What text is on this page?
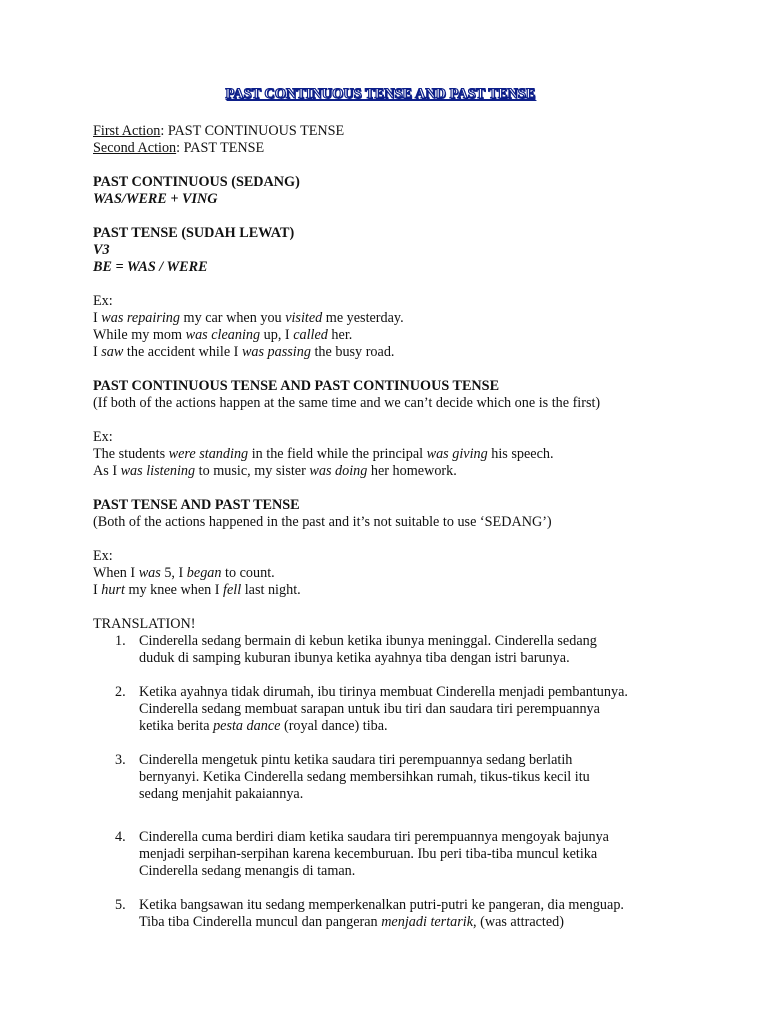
PAST CONTINUOUS TENSE AND PAST TENSE
First Action: PAST CONTINUOUS TENSE
Second Action: PAST TENSE
PAST CONTINUOUS (SEDANG)
WAS/WERE + VING
PAST TENSE (SUDAH LEWAT)
V3
BE = WAS / WERE
Ex:
I was repairing my car when you visited me yesterday.
While my mom was cleaning up, I called her.
I saw the accident while I was passing the busy road.
PAST CONTINUOUS TENSE AND PAST CONTINUOUS TENSE
(If both of the actions happen at the same time and we can’t decide which one is the first)
Ex:
The students were standing in the field while the principal was giving his speech.
As I was listening to music, my sister was doing her homework.
PAST TENSE AND PAST TENSE
(Both of the actions happened in the past and it’s not suitable to use ‘SEDANG’)
Ex:
When I was 5, I began to count.
I hurt my knee when I fell last night.
TRANSLATION!
1. Cinderella sedang bermain di kebun ketika ibunya meninggal. Cinderella sedang
duduk di samping kuburan ibunya ketika ayahnya tiba dengan istri barunya.
2. Ketika ayahnya tidak dirumah, ibu tirinya membuat Cinderella menjadi pembantunya.
Cinderella sedang membuat sarapan untuk ibu tiri dan saudara tiri perempuannya
ketika berita pesta dance (royal dance) tiba.
3. Cinderella mengetuk pintu ketika saudara tiri perempuannya sedang berlatih
bernyanyi. Ketika Cinderella sedang membersihkan rumah, tikus-tikus kecil itu
sedang menjahit pakaiannya.
4. Cinderella cuma berdiri diam ketika saudara tiri perempuannya mengoyak bajunya
menjadi serpihan-serpihan karena kecemburuan. Ibu peri tiba-tiba muncul ketika
Cinderella sedang menangis di taman.
5. Ketika bangsawan itu sedang memperkenalkan putri-putri ke pangeran, dia menguap.
Tiba tiba Cinderella muncul dan pangeran menjadi tertarik, (was attracted)
